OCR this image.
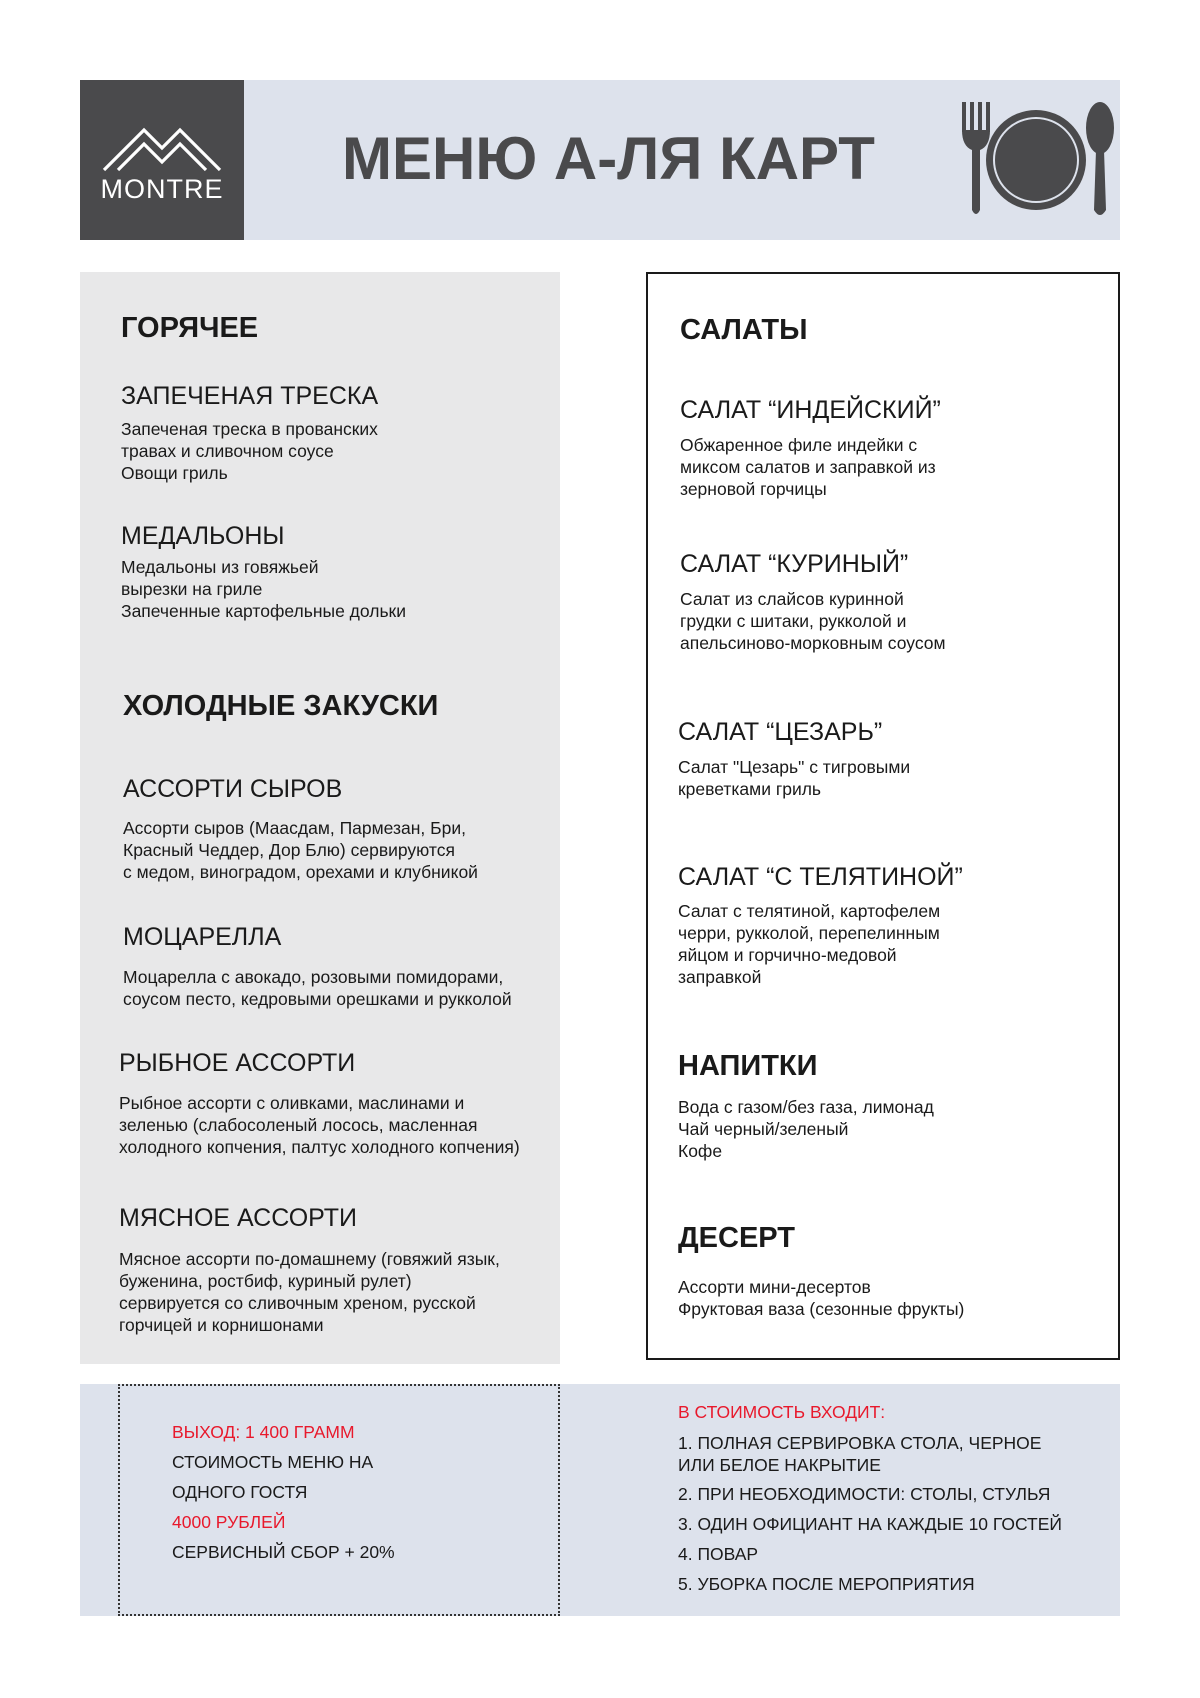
MONTRE	МЕНЮ А-ЛЯ КАРТ
ГОРЯЧЕЕ
ЗАПЕЧЕНАЯ ТРЕСКА
Запеченая треска в прованских
травах и сливочном соусе
Овощи гриль
МЕДАЛЬОНЫ
Медальоны из говяжьей
вырезки на гриле
Запеченные картофельные дольки
ХОЛОДНЫЕ ЗАКУСКИ
АССОРТИ СЫРОВ
Ассорти сыров (Маасдам, Пармезан, Бри,
Красный Чеддер, Дор Блю) сервируются
с медом, виноградом, орехами и клубникой
МОЦАРЕЛЛА
Моцарелла с авокадо, розовыми помидорами,
соусом песто, кедровыми орешками и рукколой
РЫБНОЕ АССОРТИ
Рыбное ассорти с оливками, маслинами и
зеленью (слабосоленый лосось, масленная
холодного копчения, палтус холодного копчения)
МЯСНОЕ АССОРТИ
Мясное ассорти по-домашнему (говяжий язык,
буженина, ростбиф, куриный рулет)
сервируется со сливочным хреном, русской
горчицей и корнишонами
САЛАТЫ
САЛАТ “ИНДЕЙСКИЙ”
Обжаренное филе индейки с
миксом салатов и заправкой из
зерновой горчицы
САЛАТ “КУРИНЫЙ”
Салат из слайсов куринной
грудки с шитаки, рукколой и
апельсиново-морковным соусом
САЛАТ “ЦЕЗАРЬ”
Салат "Цезарь" с тигровыми
креветками гриль
САЛАТ “С ТЕЛЯТИНОЙ”
Салат с телятиной, картофелем
черри, рукколой, перепелинным
яйцом и горчично-медовой
заправкой
НАПИТКИ
Вода с газом/без газа, лимонад
Чай черный/зеленый
Кофе
ДЕСЕРТ
Ассорти мини-десертов
Фруктовая ваза (сезонные фрукты)
ВЫХОД: 1 400 ГРАММ
СТОИМОСТЬ МЕНЮ НА
ОДНОГО ГОСТЯ
4000 РУБЛЕЙ
СЕРВИСНЫЙ СБОР + 20%
В СТОИМОСТЬ ВХОДИТ:
1. ПОЛНАЯ СЕРВИРОВКА СТОЛА, ЧЕРНОЕ
ИЛИ БЕЛОЕ НАКРЫТИЕ
2. ПРИ НЕОБХОДИМОСТИ: СТОЛЫ, СТУЛЬЯ
3. ОДИН ОФИЦИАНТ НА КАЖДЫЕ 10 ГОСТЕЙ
4. ПОВАР
5. УБОРКА ПОСЛЕ МЕРОПРИЯТИЯ
